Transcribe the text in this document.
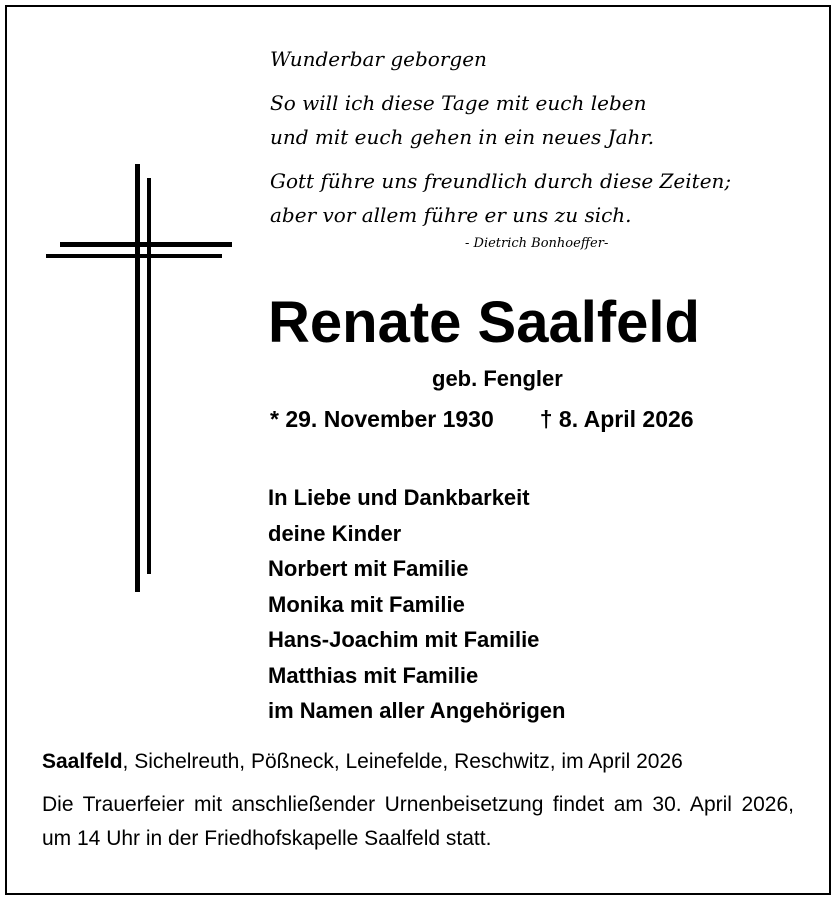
Wunderbar geborgen
So will ich diese Tage mit euch leben
und mit euch gehen in ein neues Jahr.
Gott führe uns freundlich durch diese Zeiten;
aber vor allem führe er uns zu sich.
- Dietrich Bonhoeffer-
Renate Saalfeld
geb. Fengler
* 29. November 1930 † 8. April 2026
In Liebe und Dankbarkeit
deine Kinder
Norbert mit Familie
Monika mit Familie
Hans-Joachim mit Familie
Matthias mit Familie
im Namen aller Angehörigen
Saalfeld, Sichelreuth, Pößneck, Leinefelde, Reschwitz, im April 2026
Die Trauerfeier mit anschließender Urnenbeisetzung findet am 30. April 2026, um 14 Uhr in der Friedhofskapelle Saalfeld statt.
